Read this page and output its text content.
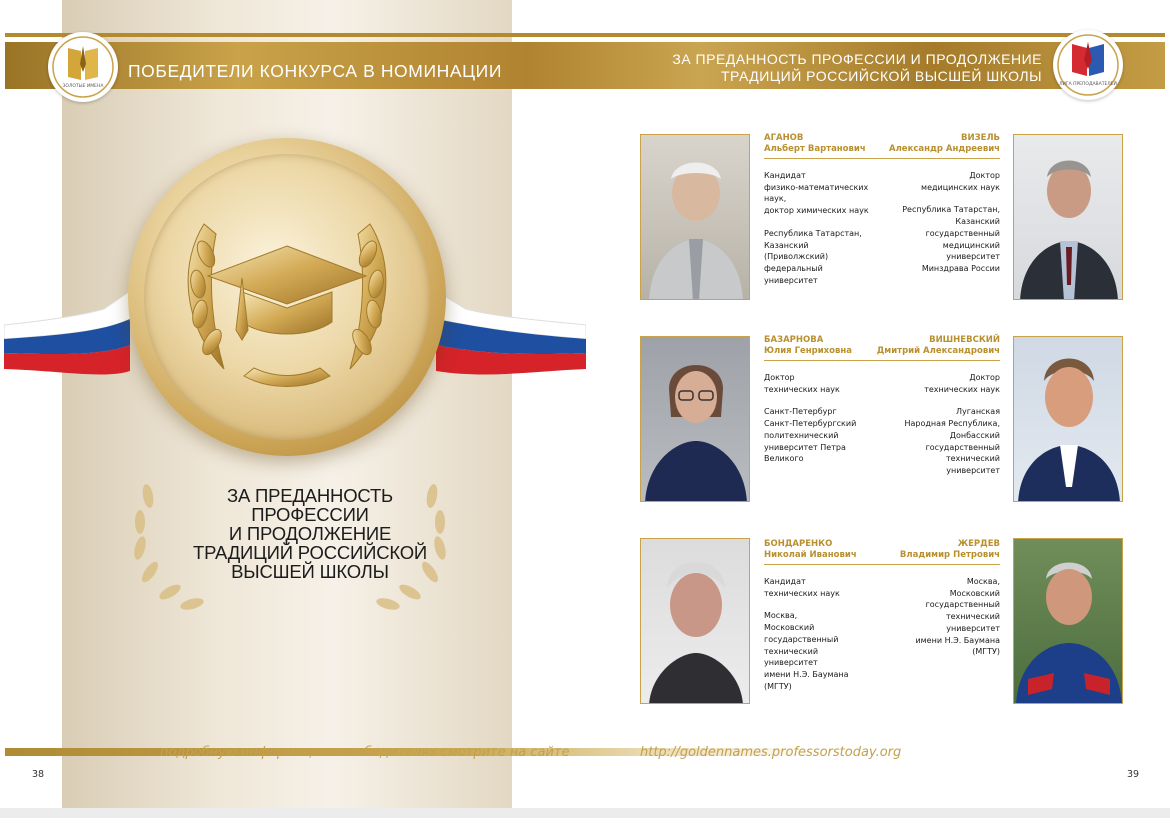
ПОБЕДИТЕЛИ КОНКУРСА В НОМИНАЦИИ
ЗА ПРЕДАННОСТЬ ПРОФЕССИИ И ПРОДОЛЖЕНИЕ
ТРАДИЦИЙ РОССИЙСКОЙ ВЫСШЕЙ ШКОЛЫ
ЗОЛОТЫЕ ИМЕНА	ЛИГА ПРЕПОДАВАТЕЛЕЙ
ЗА ПРЕДАННОСТЬ
ПРОФЕССИИ
И ПРОДОЛЖЕНИЕ
ТРАДИЦИЙ РОССИЙСКОЙ
ВЫСШЕЙ ШКОЛЫ
АГАНОВ
Альберт Вартанович
Кандидат
физико-математических
наук,
доктор химических наук
Республика Татарстан,
Казанский
(Приволжский)
федеральный
университет
ВИЗЕЛЬ
Александр Андреевич
Доктор
медицинских наук
Республика Татарстан,
Казанский
государственный
медицинский
университет
Минздрава России
БАЗАРНОВА
Юлия Генриховна
Доктор
технических наук
Санкт-Петербург
Санкт-Петербургский
политехнический
университет Петра
Великого
ВИШНЕВСКИЙ
Дмитрий Александрович
Доктор
технических наук
Луганская
Народная Республика,
Донбасский
государственный
технический
университет
БОНДАРЕНКО
Николай Иванович
Кандидат
технических наук
Москва,
Московский
государственный
технический
университет
имени Н.Э. Баумана
(МГТУ)
ЖЕРДЕВ
Владимир Петрович
Москва,
Московский
государственный
технический
университет
имени Н.Э. Баумана
(МГТУ)
подробную информацию о победителях смотрите на сайте	http://goldennames.professorstoday.org
38	39
